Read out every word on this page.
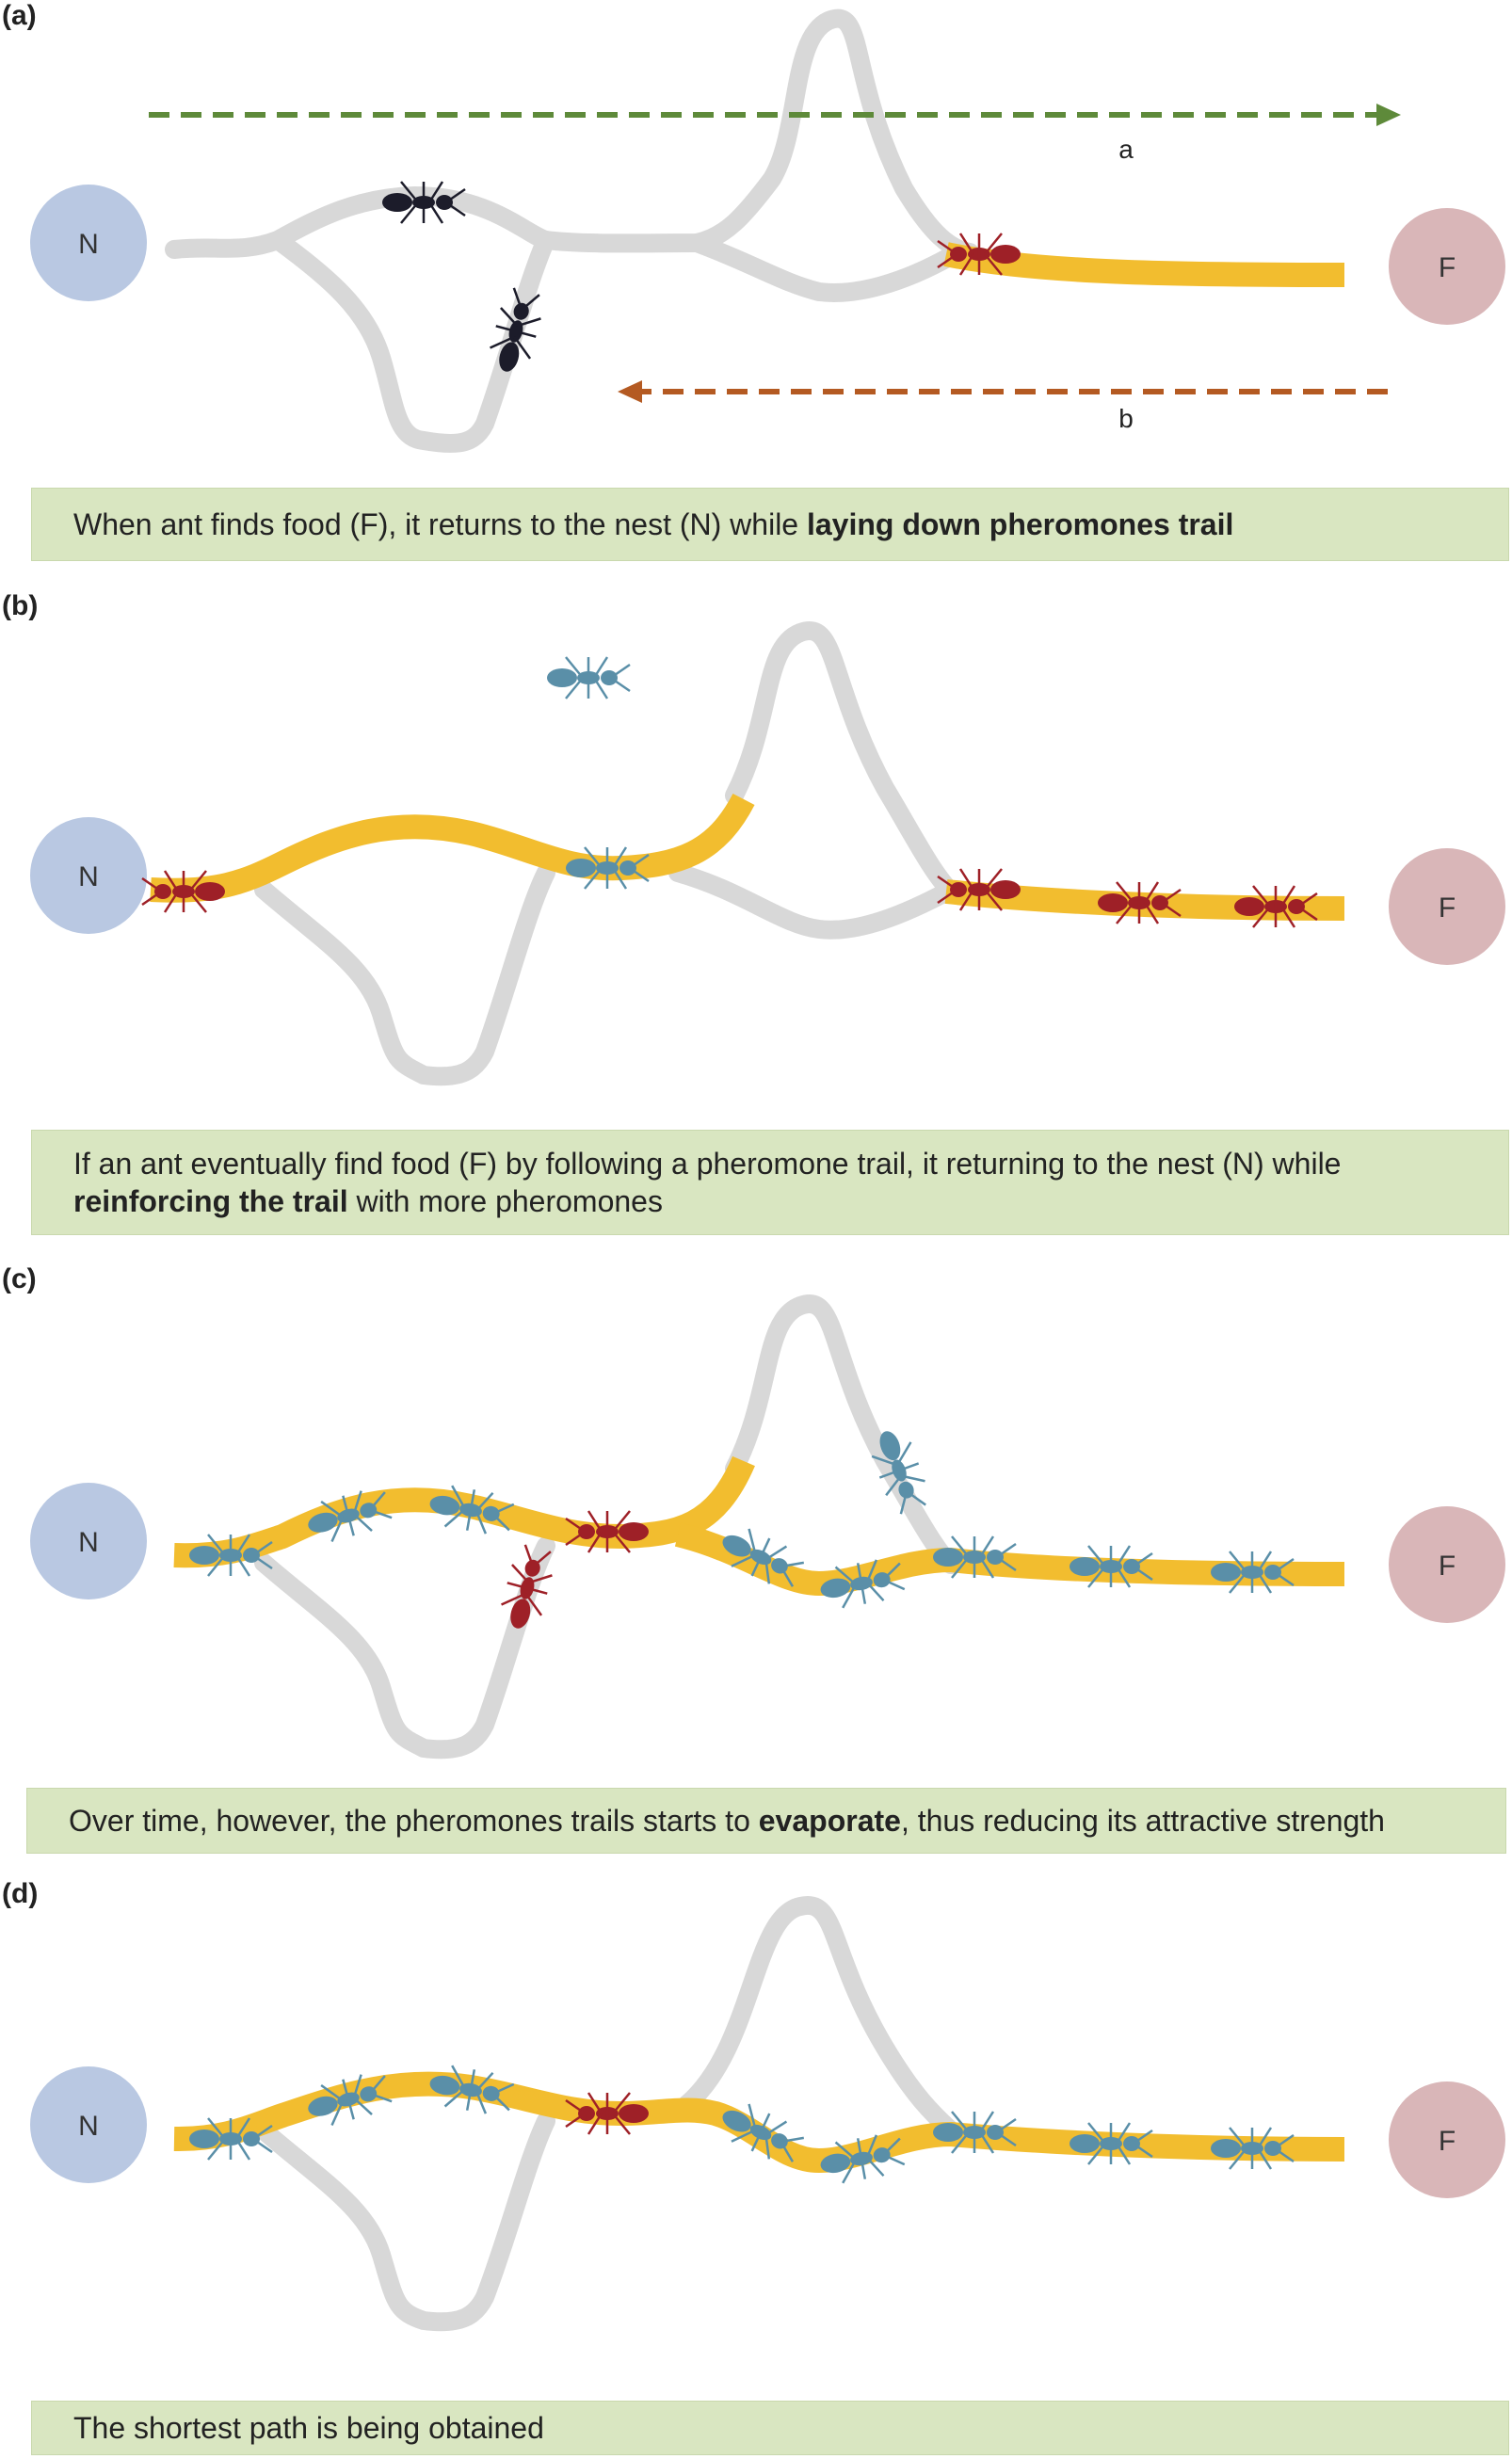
N
F
a
b
(a)
When ant finds food (F), it returns to the nest (N) while laying down pheromones trail
N
F
(b)
If an ant eventually find food (F) by following a pheromone trail, it returning to the nest (N) while reinforcing the trail with more pheromones
N
F
(c)
Over time, however, the pheromones trails starts to evaporate, thus reducing its attractive strength
N	F
(d)
The shortest path is being obtained
